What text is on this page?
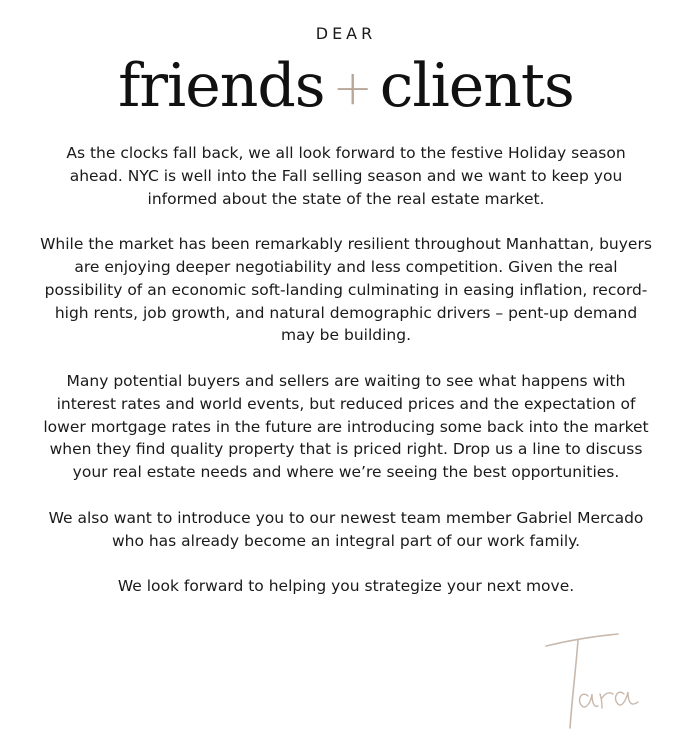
DEAR
friends + clients

As the clocks fall back, we all look forward to the festive Holiday season ahead. NYC is well into the Fall selling season and we want to keep you informed about the state of the real estate market.

While the market has been remarkably resilient throughout Manhattan, buyers are enjoying deeper negotiability and less competition. Given the real possibility of an economic soft-landing culminating in easing inflation, record-high rents, job growth, and natural demographic drivers – pent-up demand may be building.

Many potential buyers and sellers are waiting to see what happens with interest rates and world events, but reduced prices and the expectation of lower mortgage rates in the future are introducing some back into the market when they find quality property that is priced right. Drop us a line to discuss your real estate needs and where we’re seeing the best opportunities.

We also want to introduce you to our newest team member Gabriel Mercado who has already become an integral part of our work family.

We look forward to helping you strategize your next move.
